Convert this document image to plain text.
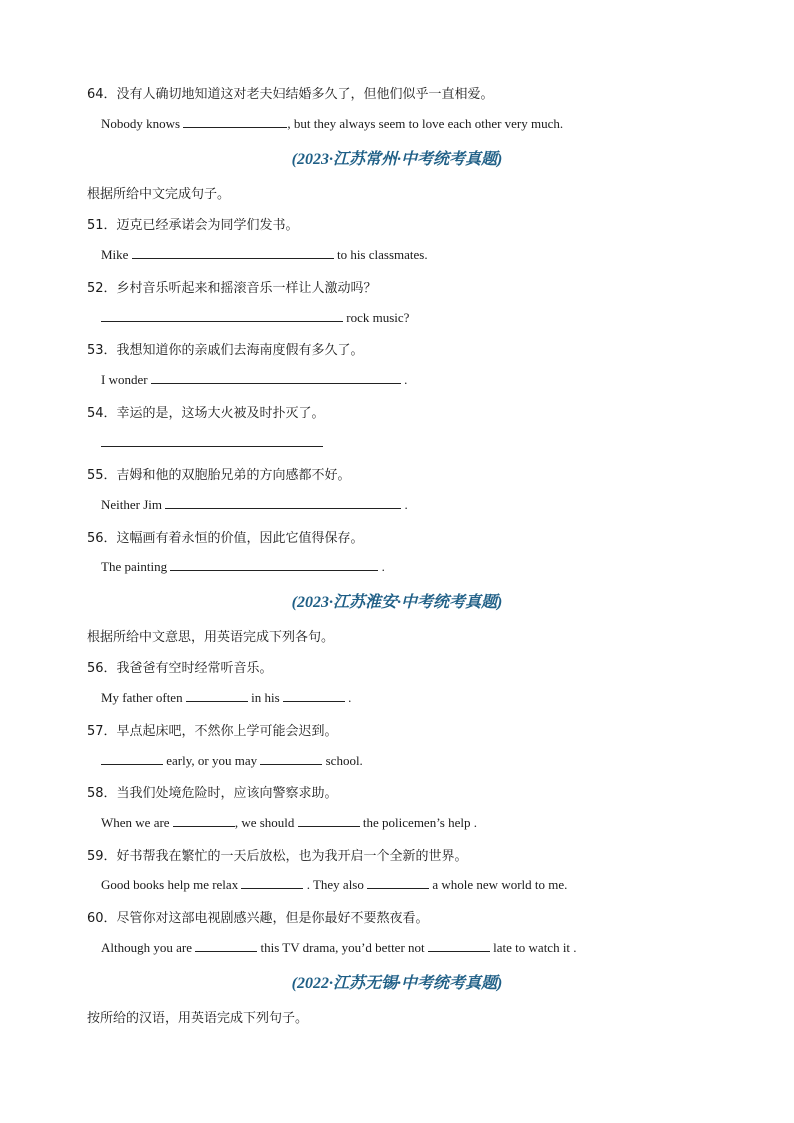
64．没有人确切地知道这对老夫妇结婚多久了，但他们似乎一直相爱。
Nobody knows	, but they always seem to love each other very much.
(2023·江苏常州·中考统考真题)
根据所给中文完成句子。
51．迈克已经承诺会为同学们发书。
Mike	to his classmates.
52．乡村音乐听起来和摇滚音乐一样让人激动吗？
rock music?
53．我想知道你的亲戚们去海南度假有多久了。
I wonder	.
54．幸运的是，这场大火被及时扑灭了。
55．吉姆和他的双胞胎兄弟的方向感都不好。
Neither Jim	.
56．这幅画有着永恒的价值，因此它值得保存。
The painting	.
(2023·江苏淮安·中考统考真题)
根据所给中文意思，用英语完成下列各句。
56．我爸爸有空时经常听音乐。
My father often	in his	.
57．早点起床吧，不然你上学可能会迟到。
early, or you may	school.
58．当我们处境危险时，应该向警察求助。
When we are	, we should	the policemen’s help .
59．好书帮我在繁忙的一天后放松，也为我开启一个全新的世界。
Good books help me relax	. They also	a whole new world to me.
60．尽管你对这部电视剧感兴趣，但是你最好不要熬夜看。
Although you are	this TV drama, you’d better not	late to watch it .
(2022·江苏无锡·中考统考真题)
按所给的汉语，用英语完成下列句子。
